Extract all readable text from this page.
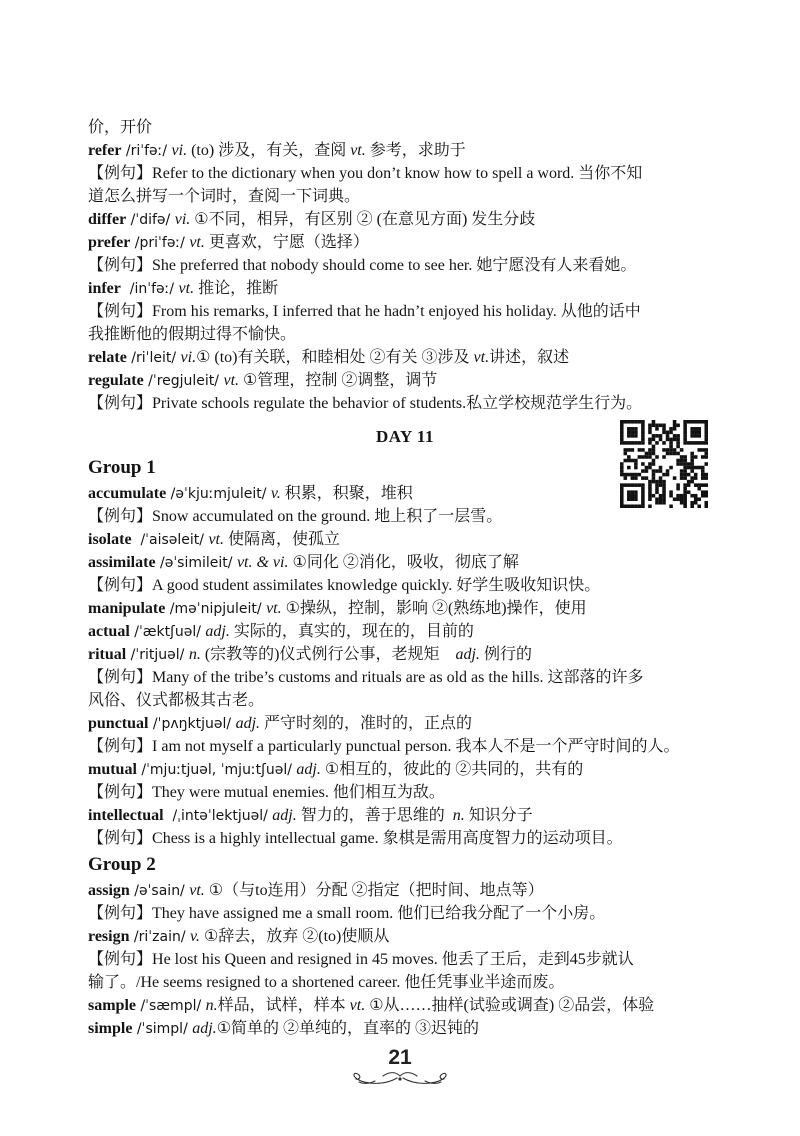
价，开价
refer /riˈfəː/ vi. (to) 涉及，有关，查阅 vt. 参考，求助于
【例句】Refer to the dictionary when you don’t know how to spell a word. 当你不知
道怎么拼写一个词时，查阅一下词典。
differ /ˈdifə/ vi. ①不同，相异，有区别 ② (在意见方面) 发生分歧
prefer /priˈfəː/ vt. 更喜欢，宁愿（选择）
【例句】She preferred that nobody should come to see her. 她宁愿没有人来看她。
infer  /inˈfəː/ vt. 推论，推断
【例句】From his remarks, I inferred that he hadn’t enjoyed his holiday. 从他的话中
我推断他的假期过得不愉快。
relate /riˈleit/ vi.① (to)有关联，和睦相处 ②有关 ③涉及 vt.讲述，叙述
regulate /ˈregjuleit/ vt. ①管理，控制 ②调整，调节
【例句】Private schools regulate the behavior of students.私立学校规范学生行为。
DAY 11
Group 1
accumulate /əˈkjuːmjuleit/ v. 积累，积聚，堆积
【例句】Snow accumulated on the ground. 地上积了一层雪。
isolate  /ˈaisəleit/ vt. 使隔离，使孤立
assimilate /əˈsimileit/ vt. & vi. ①同化 ②消化，吸收，彻底了解
【例句】A good student assimilates knowledge quickly. 好学生吸收知识快。
manipulate /məˈnipjuleit/ vt. ①操纵，控制，影响 ②(熟练地)操作，使用
actual /ˈæktʃuəl/ adj. 实际的，真实的，现在的，目前的
ritual /ˈritjuəl/ n. (宗教等的)仪式例行公事，老规矩    adj. 例行的
【例句】Many of the tribe’s customs and rituals are as old as the hills. 这部落的许多
风俗、仪式都极其古老。
punctual /ˈpʌŋktjuəl/ adj. 严守时刻的，准时的，正点的
【例句】I am not myself a particularly punctual person. 我本人不是一个严守时间的人。
mutual /ˈmjuːtjuəl, ˈmjuːtʃuəl/ adj. ①相互的，彼此的 ②共同的，共有的
【例句】They were mutual enemies. 他们相互为敌。
intellectual  /ˌintəˈlektjuəl/ adj. 智力的，善于思维的  n. 知识分子
【例句】Chess is a highly intellectual game. 象棋是需用高度智力的运动项目。
Group 2
assign /əˈsain/ vt. ①（与to连用）分配 ②指定（把时间、地点等）
【例句】They have assigned me a small room. 他们已给我分配了一个小房。
resign /riˈzain/ v. ①辞去，放弃 ②(to)使顺从
【例句】He lost his Queen and resigned in 45 moves. 他丢了王后，走到45步就认
输了。/He seems resigned to a shortened career. 他任凭事业半途而废。
sample /ˈsæmpl/ n.样品，试样，样本 vt. ①从……抽样(试验或调查) ②品尝，体验
simple /ˈsimpl/ adj.①简单的 ②单纯的，直率的 ③迟钝的
21
